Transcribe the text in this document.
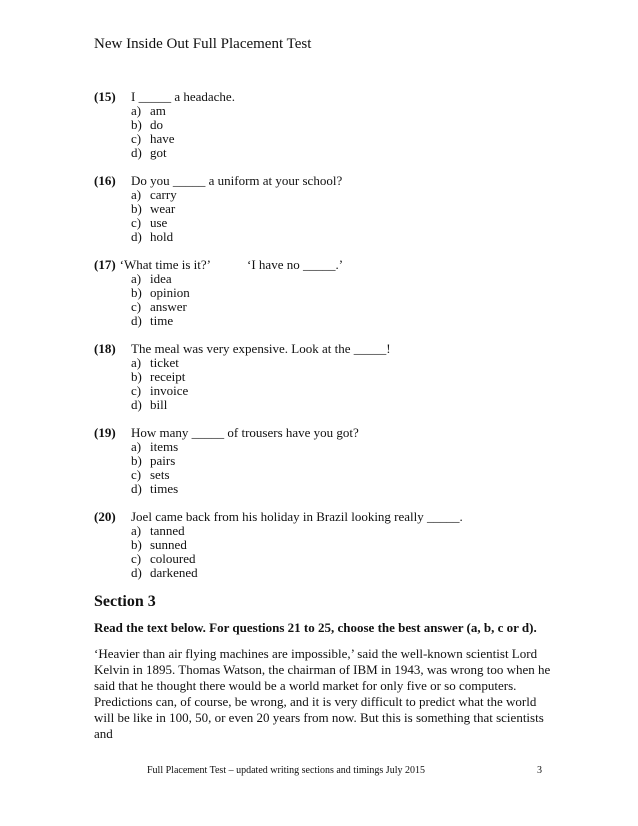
New Inside Out Full Placement Test
(15) I _____ a headache.
a) am
b) do
c) have
d) got
(16) Do you _____ a uniform at your school?
a) carry
b) wear
c) use
d) hold
(17) ‘What time is it?’	‘I have no _____.’
a) idea
b) opinion
c) answer
d) time
(18) The meal was very expensive. Look at the _____!
a) ticket
b) receipt
c) invoice
d) bill
(19) How many _____ of trousers have you got?
a) items
b) pairs
c) sets
d) times
(20) Joel came back from his holiday in Brazil looking really _____.
a) tanned
b) sunned
c) coloured
d) darkened
Section 3
Read the text below. For questions 21 to 25, choose the best answer (a, b, c or d).

‘Heavier than air flying machines are impossible,’ said the well-known scientist Lord Kelvin in 1895. Thomas Watson, the chairman of IBM in 1943, was wrong too when he said that he thought there would be a world market for only five or so computers.

Predictions can, of course, be wrong, and it is very difficult to predict what the world will be like in 100, 50, or even 20 years from now. But this is something that scientists and

Full Placement Test – updated writing sections and timings July 2015	3
